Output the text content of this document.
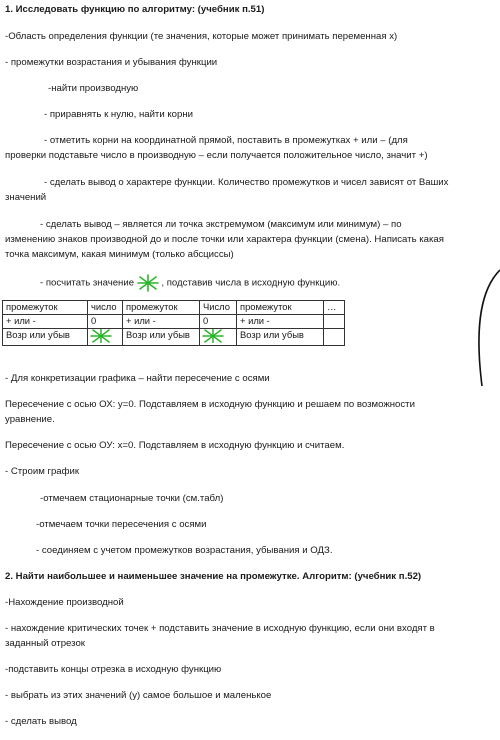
1. Исследовать функцию по алгоритму: (учебник п.51)
-Область определения функции (те значения, которые может принимать переменная x)
- промежутки возрастания и убывания функции
-найти производную
- приравнять к нулю, найти корни
- отметить корни на координатной прямой, поставить в промежутках + или – (для
проверки подставьте число в производную – если получается положительное число, значит +)
- сделать вывод о характере функции. Количество промежутков и чисел зависят от Ваших
значений
- сделать вывод – является ли точка экстремумом (максимум или минимум) – по
изменению знаков производной до и после точки или характера функции (смена). Написать какая
точка максимум, какая минимум (только абсциссы)
- посчитать значение	, подставив числа в исходную функцию.
промежуток	число	промежуток	Число	промежуток	…
+ или -	0	+ или -	0	+ или -	
Возр или убыв		Возр или убыв		Возр или убыв	
- Для конкретизации графика – найти пересечение с осями
Пересечение с осью ОХ: у=0. Подставляем в исходную функцию и решаем по возможности
уравнение.
Пересечение с осью ОУ: х=0. Подставляем в исходную функцию и считаем.
- Строим график
-отмечаем стационарные точки (см.табл)
-отмечаем точки пересечения с осями
- соединяем с учетом промежутков возрастания, убывания и ОДЗ.
2. Найти наибольшее и наименьшее значение на промежутке. Алгоритм: (учебник п.52)
-Нахождение производной
- нахождение критических точек + подставить значение в исходную функцию, если они входят в
заданный отрезок
-подставить концы отрезка в исходную функцию
- выбрать из этих значений (у) самое большое и маленькое
- сделать вывод
